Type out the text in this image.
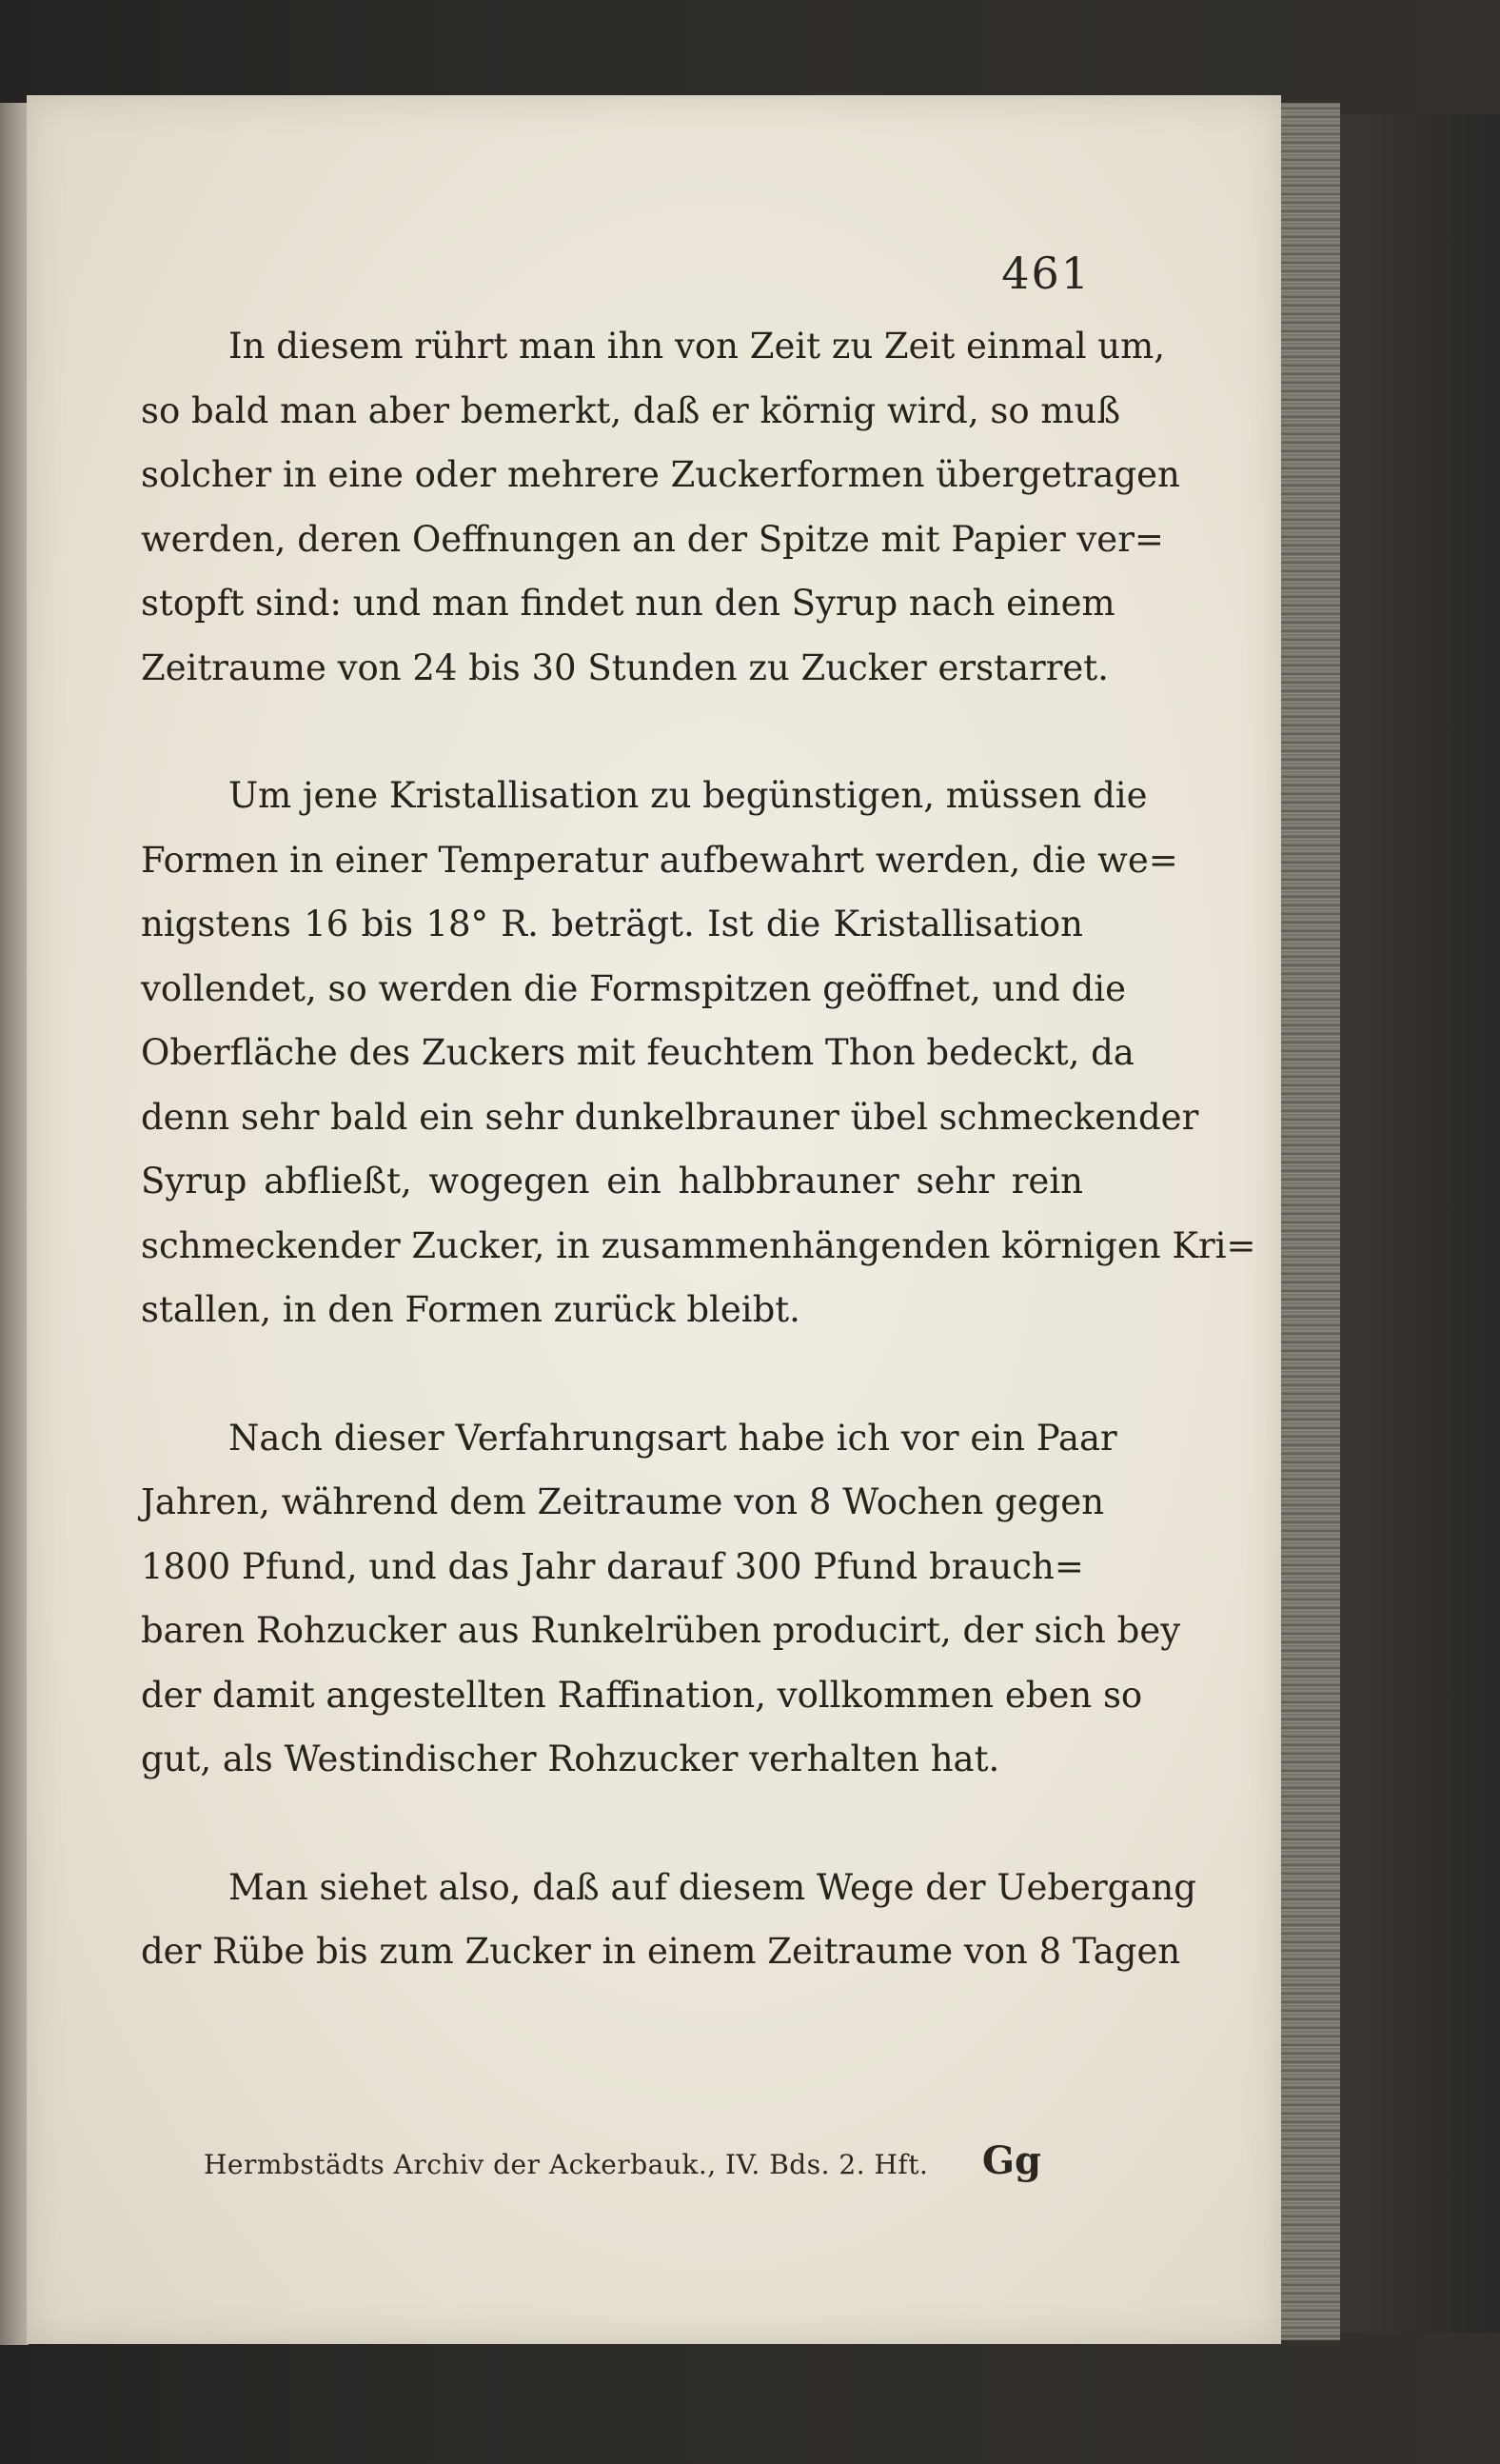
461
In diesem rührt man ihn von Zeit zu Zeit einmal um,
so bald man aber bemerkt, daß er körnig wird, so muß
solcher in eine oder mehrere Zuckerformen übergetragen
werden, deren Oeffnungen an der Spitze mit Papier ver=
stopft sind: und man findet nun den Syrup nach einem
Zeitraume von 24 bis 30 Stunden zu Zucker erstarret.
Um jene Kristallisation zu begünstigen, müssen die
Formen in einer Temperatur aufbewahrt werden, die we=
nigstens 16 bis 18° R. beträgt. Ist die Kristallisation
vollendet, so werden die Formspitzen geöffnet, und die
Oberfläche des Zuckers mit feuchtem Thon bedeckt, da
denn sehr bald ein sehr dunkelbrauner übel schmeckender
Syrup abfließt, wogegen ein halbbrauner sehr rein
schmeckender Zucker, in zusammenhängenden körnigen Kri=
stallen, in den Formen zurück bleibt.
Nach dieser Verfahrungsart habe ich vor ein Paar
Jahren, während dem Zeitraume von 8 Wochen gegen
1800 Pfund, und das Jahr darauf 300 Pfund brauch=
baren Rohzucker aus Runkelrüben producirt, der sich bey
der damit angestellten Raffination, vollkommen eben so
gut, als Westindischer Rohzucker verhalten hat.
Man siehet also, daß auf diesem Wege der Uebergang
der Rübe bis zum Zucker in einem Zeitraume von 8 Tagen
Hermbstädts Archiv der Ackerbauk., IV. Bds. 2. Hft. Gg
